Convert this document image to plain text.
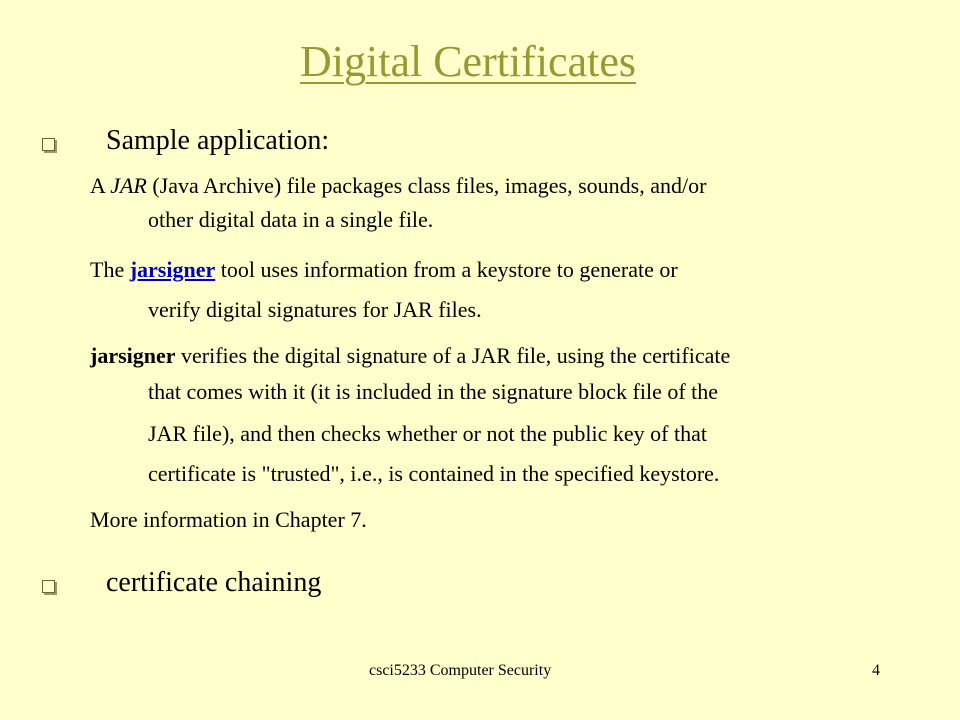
Digital Certificates
Sample application:
A JAR (Java Archive) file packages class files, images, sounds, and/or
other digital data in a single file.
The jarsigner tool uses information from a keystore to generate or
verify digital signatures for JAR files.
jarsigner verifies the digital signature of a JAR file, using the certificate
that comes with it (it is included in the signature block file of the
JAR file), and then checks whether or not the public key of that
certificate is "trusted", i.e., is contained in the specified keystore.
More information in Chapter 7.
certificate chaining
csci5233 Computer Security	4
